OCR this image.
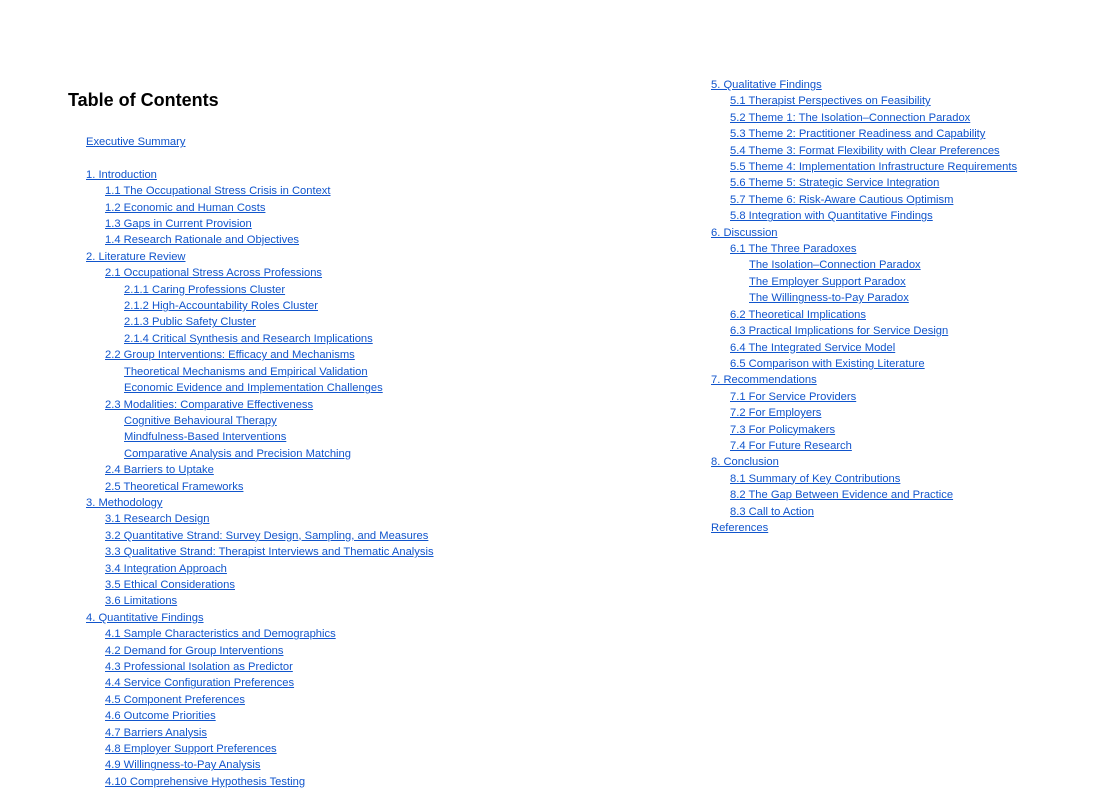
Table of Contents
Executive Summary
1. Introduction
1.1 The Occupational Stress Crisis in Context
1.2 Economic and Human Costs
1.3 Gaps in Current Provision
1.4 Research Rationale and Objectives
2. Literature Review
2.1 Occupational Stress Across Professions
2.1.1 Caring Professions Cluster
2.1.2 High-Accountability Roles Cluster
2.1.3 Public Safety Cluster
2.1.4 Critical Synthesis and Research Implications
2.2 Group Interventions: Efficacy and Mechanisms
Theoretical Mechanisms and Empirical Validation
Economic Evidence and Implementation Challenges
2.3 Modalities: Comparative Effectiveness
Cognitive Behavioural Therapy
Mindfulness-Based Interventions
Comparative Analysis and Precision Matching
2.4 Barriers to Uptake
2.5 Theoretical Frameworks
3. Methodology
3.1 Research Design
3.2 Quantitative Strand: Survey Design, Sampling, and Measures
3.3 Qualitative Strand: Therapist Interviews and Thematic Analysis
3.4 Integration Approach
3.5 Ethical Considerations
3.6 Limitations
4. Quantitative Findings
4.1 Sample Characteristics and Demographics
4.2 Demand for Group Interventions
4.3 Professional Isolation as Predictor
4.4 Service Configuration Preferences
4.5 Component Preferences
4.6 Outcome Priorities
4.7 Barriers Analysis
4.8 Employer Support Preferences
4.9 Willingness-to-Pay Analysis
4.10 Comprehensive Hypothesis Testing
5. Qualitative Findings
5.1 Therapist Perspectives on Feasibility
5.2 Theme 1: The Isolation–Connection Paradox
5.3 Theme 2: Practitioner Readiness and Capability
5.4 Theme 3: Format Flexibility with Clear Preferences
5.5 Theme 4: Implementation Infrastructure Requirements
5.6 Theme 5: Strategic Service Integration
5.7 Theme 6: Risk-Aware Cautious Optimism
5.8 Integration with Quantitative Findings
6. Discussion
6.1 The Three Paradoxes
The Isolation–Connection Paradox
The Employer Support Paradox
The Willingness-to-Pay Paradox
6.2 Theoretical Implications
6.3 Practical Implications for Service Design
6.4 The Integrated Service Model
6.5 Comparison with Existing Literature
7. Recommendations
7.1 For Service Providers
7.2 For Employers
7.3 For Policymakers
7.4 For Future Research
8. Conclusion
8.1 Summary of Key Contributions
8.2 The Gap Between Evidence and Practice
8.3 Call to Action
References
